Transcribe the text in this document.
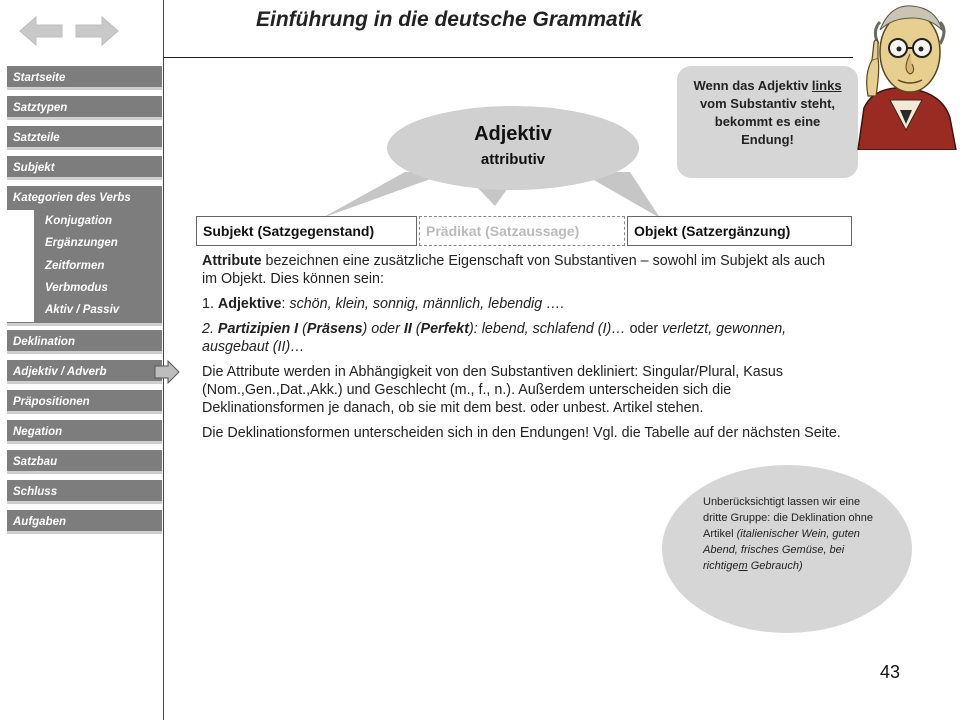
Einführung in die deutsche Grammatik
Startseite
Satztypen
Satzteile
Subjekt
Kategorien des Verbs
Konjugation
Ergänzungen
Zeitformen
Verbmodus
Aktiv / Passiv
Deklination
Adjektiv / Adverb
Präpositionen
Negation
Satzbau
Schluss
Aufgaben
Adjektiv
attributiv
Subjekt (Satzgegenstand)	Prädikat (Satzaussage)	Objekt (Satzergänzung)

Attribute bezeichnen eine zusätzliche Eigenschaft von Substantiven – sowohl im Subjekt als auch im Objekt. Dies können sein:

1. Adjektive: schön, klein, sonnig, männlich, lebendig ….

2. Partizipien I (Präsens) oder II (Perfekt): lebend, schlafend (I)… oder verletzt, gewonnen, ausgebaut (II)…

Die Attribute werden in Abhängigkeit von den Substantiven dekliniert: Singular/Plural, Kasus (Nom.,Gen.,Dat.,Akk.) und Geschlecht (m., f., n.). Außerdem unterscheiden sich die Deklinationsformen je danach, ob sie mit dem best. oder unbest. Artikel stehen.

Die Deklinationsformen unterscheiden sich in den Endungen! Vgl. die Tabelle auf der nächsten Seite.

Wenn das Adjektiv links vom Substantiv steht, bekommt es eine Endung!
Unberücksichtigt lassen wir eine dritte Gruppe: die Deklination ohne Artikel (italienischer Wein, guten Abend, frisches Gemüse, bei richtigem Gebrauch)
43
